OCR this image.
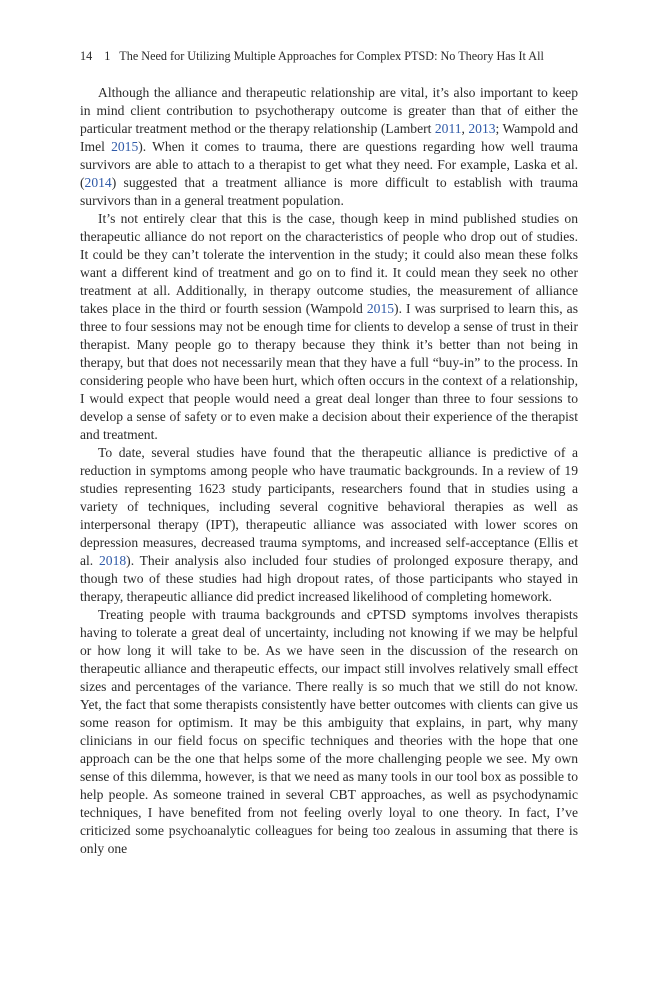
14 1 The Need for Utilizing Multiple Approaches for Complex PTSD: No Theory Has It All

Although the alliance and therapeutic relationship are vital, it’s also important to keep in mind client contribution to psychotherapy outcome is greater than that of either the particular treatment method or the therapy relationship (Lambert 2011, 2013; Wampold and Imel 2015). When it comes to trauma, there are questions regarding how well trauma survivors are able to attach to a therapist to get what they need. For example, Laska et al. (2014) suggested that a treatment alliance is more difficult to establish with trauma survivors than in a general treatment population.

It’s not entirely clear that this is the case, though keep in mind published studies on therapeutic alliance do not report on the characteristics of people who drop out of studies. It could be they can’t tolerate the intervention in the study; it could also mean these folks want a different kind of treatment and go on to find it. It could mean they seek no other treatment at all. Additionally, in therapy outcome studies, the measurement of alliance takes place in the third or fourth session (Wampold 2015). I was surprised to learn this, as three to four sessions may not be enough time for clients to develop a sense of trust in their therapist. Many people go to therapy because they think it’s better than not being in therapy, but that does not necessarily mean that they have a full “buy-in” to the process. In considering people who have been hurt, which often occurs in the context of a relationship, I would expect that people would need a great deal longer than three to four sessions to develop a sense of safety or to even make a decision about their experience of the therapist and treatment.

To date, several studies have found that the therapeutic alliance is predictive of a reduction in symptoms among people who have traumatic backgrounds. In a review of 19 studies representing 1623 study participants, researchers found that in studies using a variety of techniques, including several cognitive behavioral therapies as well as interpersonal therapy (IPT), therapeutic alliance was associated with lower scores on depression measures, decreased trauma symptoms, and increased self-acceptance (Ellis et al. 2018). Their analysis also included four studies of prolonged exposure therapy, and though two of these studies had high dropout rates, of those participants who stayed in therapy, therapeutic alliance did predict increased likelihood of completing homework.

Treating people with trauma backgrounds and cPTSD symptoms involves therapists having to tolerate a great deal of uncertainty, including not knowing if we may be helpful or how long it will take to be. As we have seen in the discussion of the research on therapeutic alliance and therapeutic effects, our impact still involves relatively small effect sizes and percentages of the variance. There really is so much that we still do not know. Yet, the fact that some therapists consistently have better outcomes with clients can give us some reason for optimism. It may be this ambiguity that explains, in part, why many clinicians in our field focus on specific techniques and theories with the hope that one approach can be the one that helps some of the more challenging people we see. My own sense of this dilemma, however, is that we need as many tools in our tool box as possible to help people. As someone trained in several CBT approaches, as well as psychodynamic techniques, I have benefited from not feeling overly loyal to one theory. In fact, I’ve criticized some psychoanalytic colleagues for being too zealous in assuming that there is only one
